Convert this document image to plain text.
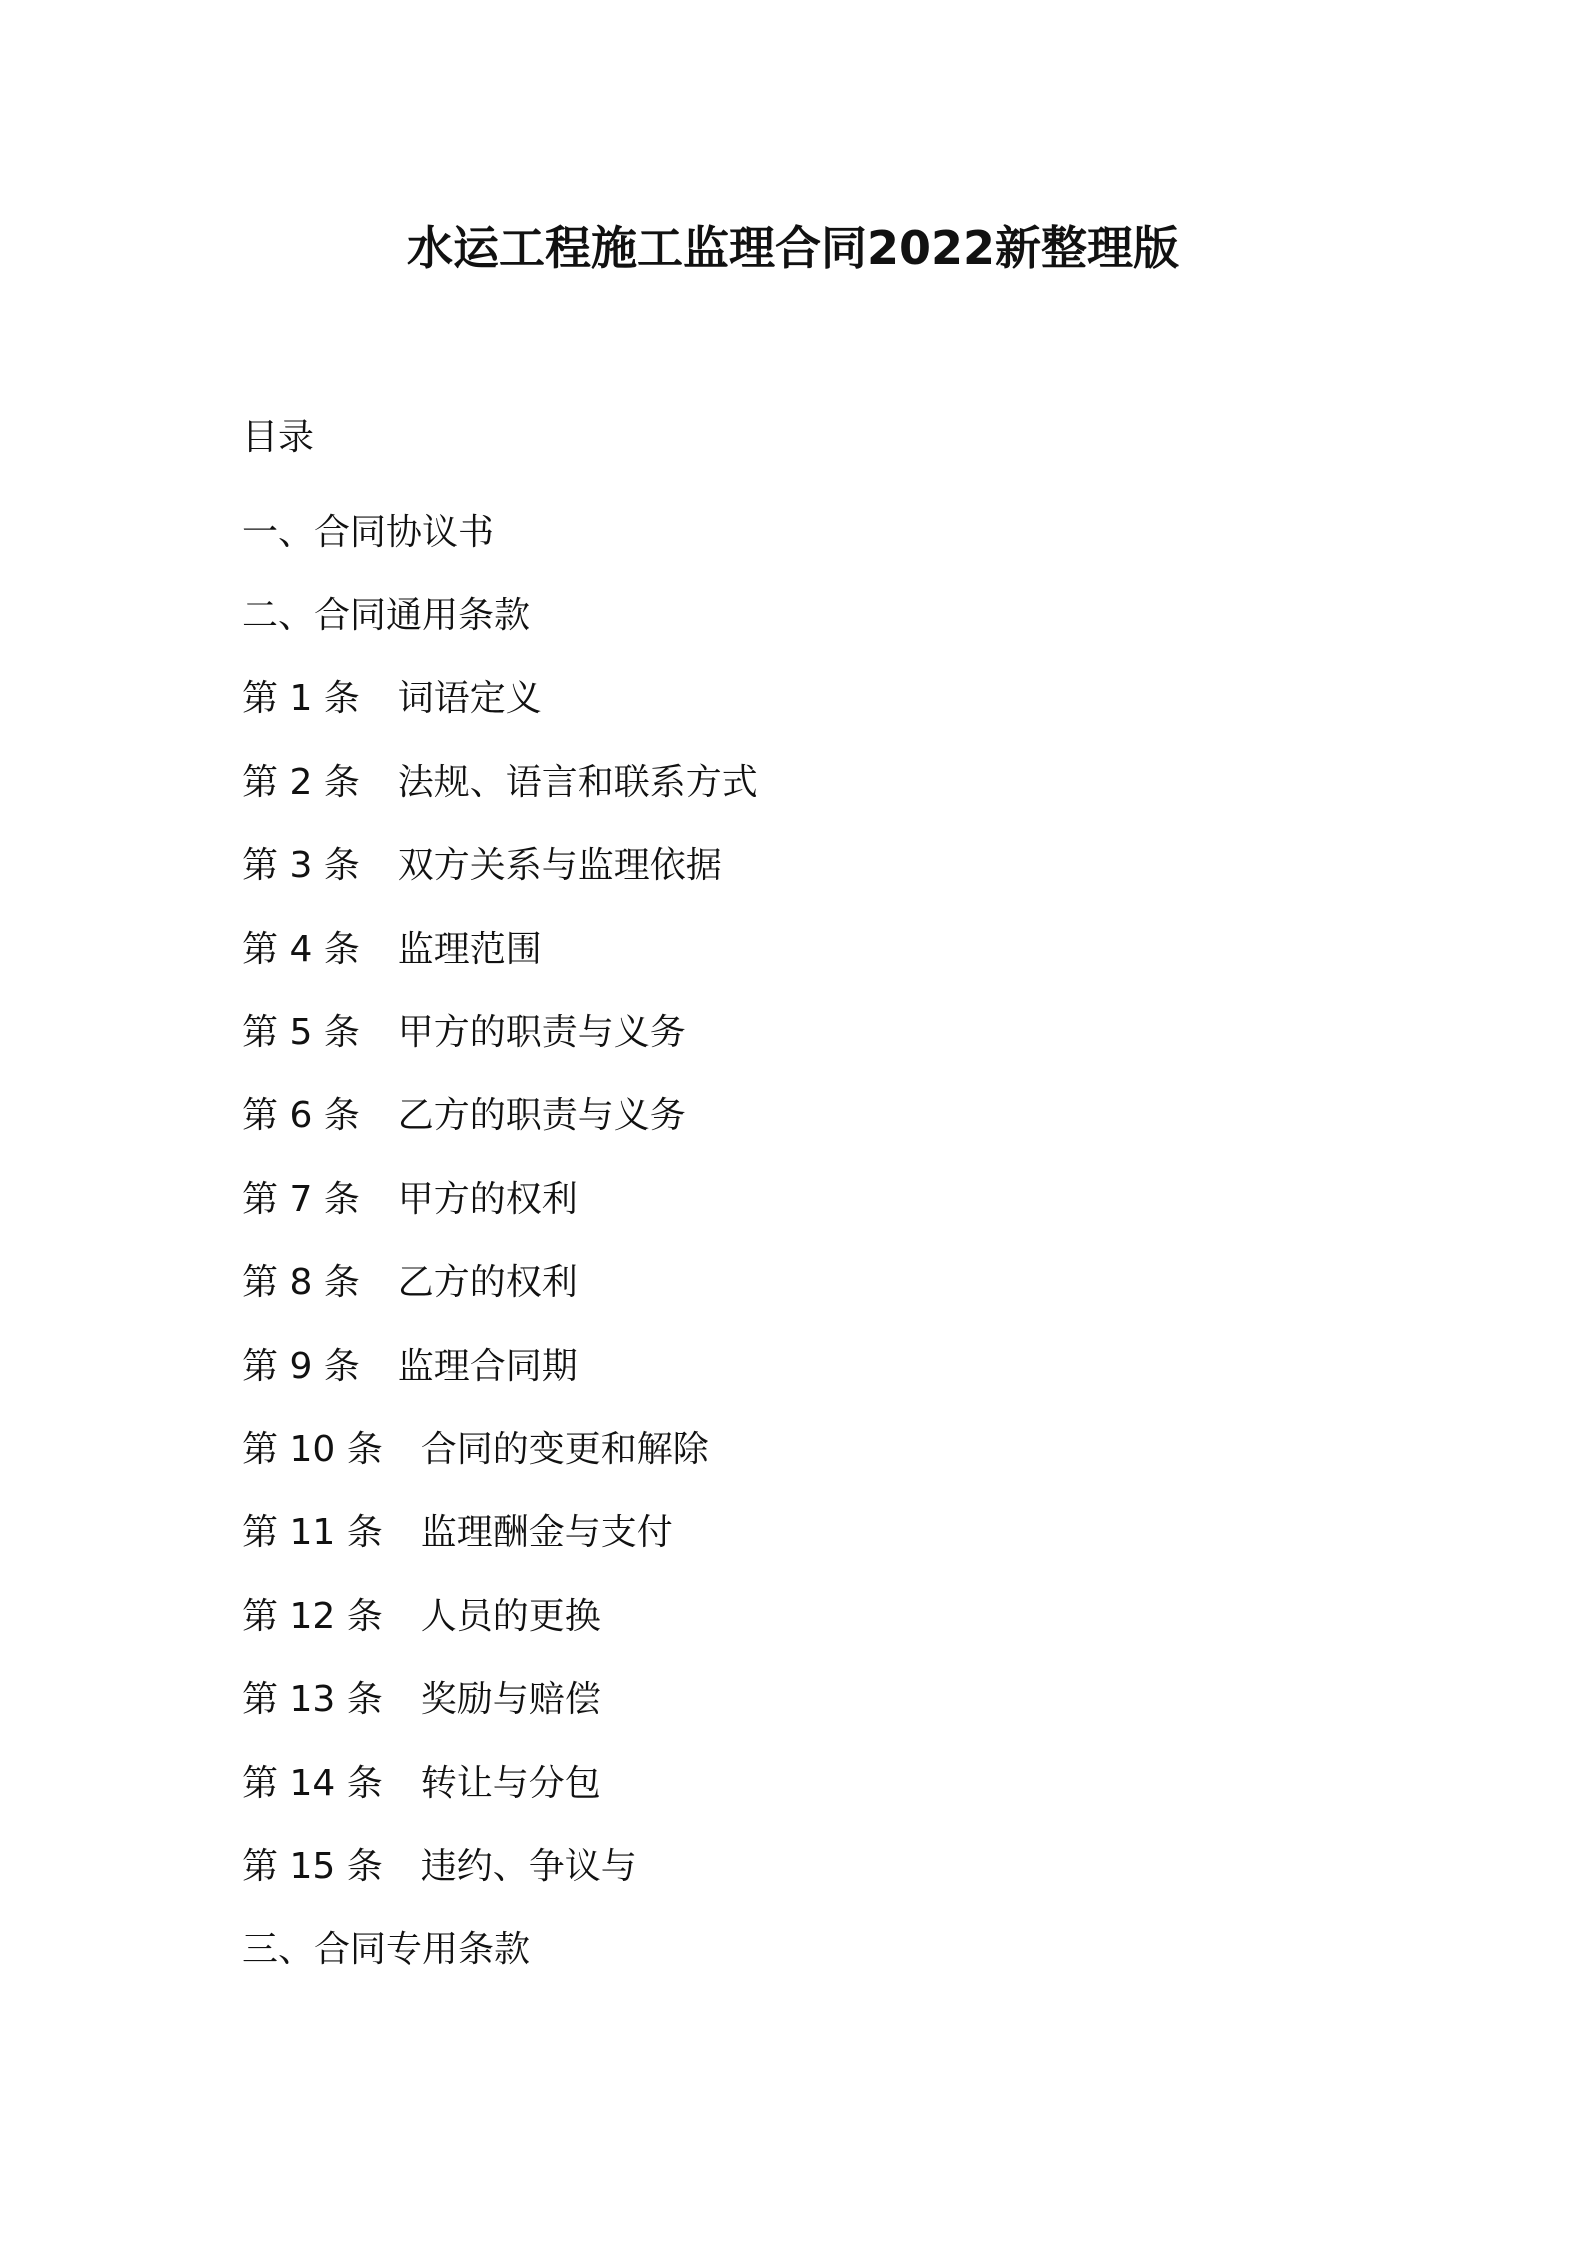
水运工程施工监理合同2022新整理版
目录
一、 合同协议书
二、 合同通用条款
第 1 条 词语定义
第 2 条 法规、语言和联系方式
第 3 条 双方关系与监理依据
第 4 条 监理范围
第 5 条 甲方的职责与义务
第 6 条 乙方的职责与义务
第 7 条 甲方的权利
第 8 条 乙方的权利
第 9 条 监理合同期
第 10 条 合同的变更和解除
第 11 条 监理酬金与支付
第 12 条 人员的更换
第 13 条 奖励与赔偿
第 14 条 转让与分包
第 15 条 违约、争议与
三、 合同专用条款
